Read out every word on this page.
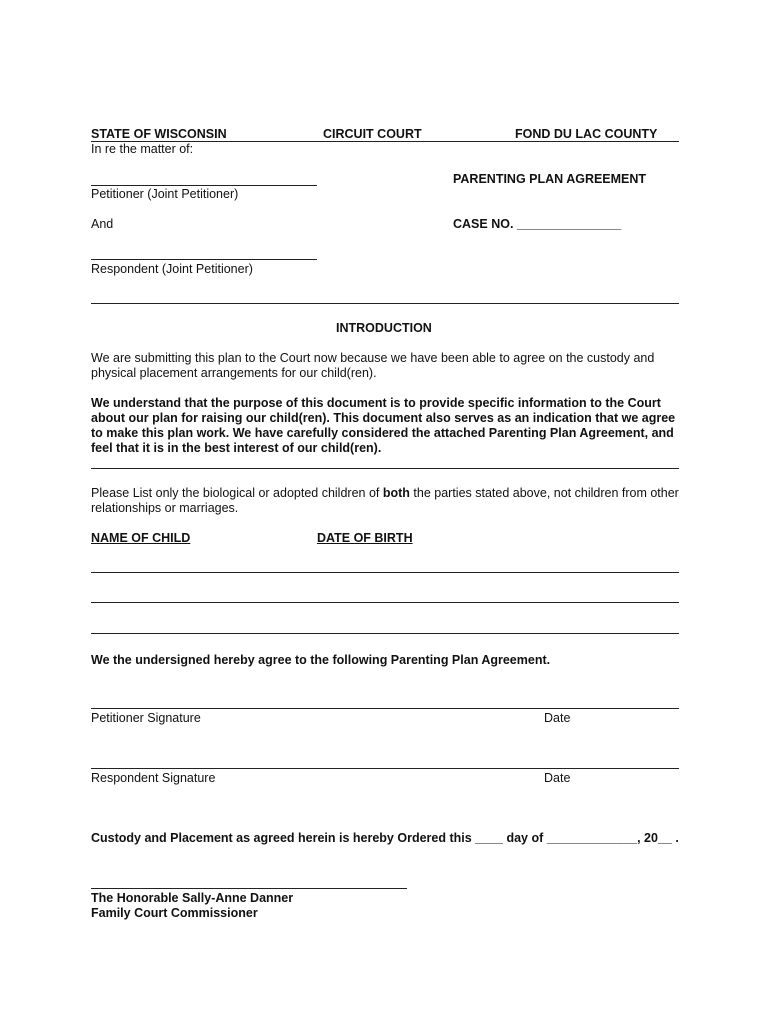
STATE OF WISCONSIN	CIRCUIT COURT	FOND DU LAC COUNTY
In re the matter of:
Petitioner (Joint Petitioner)
And
Respondent (Joint Petitioner)
PARENTING PLAN AGREEMENT
CASE NO. _______________
INTRODUCTION
We are submitting this plan to the Court now because we have been able to agree on the custody and physical placement arrangements for our child(ren).
We understand that the purpose of this document is to provide specific information to the Court about our plan for raising our child(ren). This document also serves as an indication that we agree to make this plan work. We have carefully considered the attached Parenting Plan Agreement, and feel that it is in the best interest of our child(ren).
Please List only the biological or adopted children of both the parties stated above, not children from other relationships or marriages.
NAME OF CHILD	DATE OF BIRTH
We the undersigned hereby agree to the following Parenting Plan Agreement.
Petitioner Signature	Date
Respondent Signature	Date
Custody and Placement as agreed herein is hereby Ordered this ____ day of _____________, 20__ .
The Honorable Sally-Anne Danner
Family Court Commissioner
